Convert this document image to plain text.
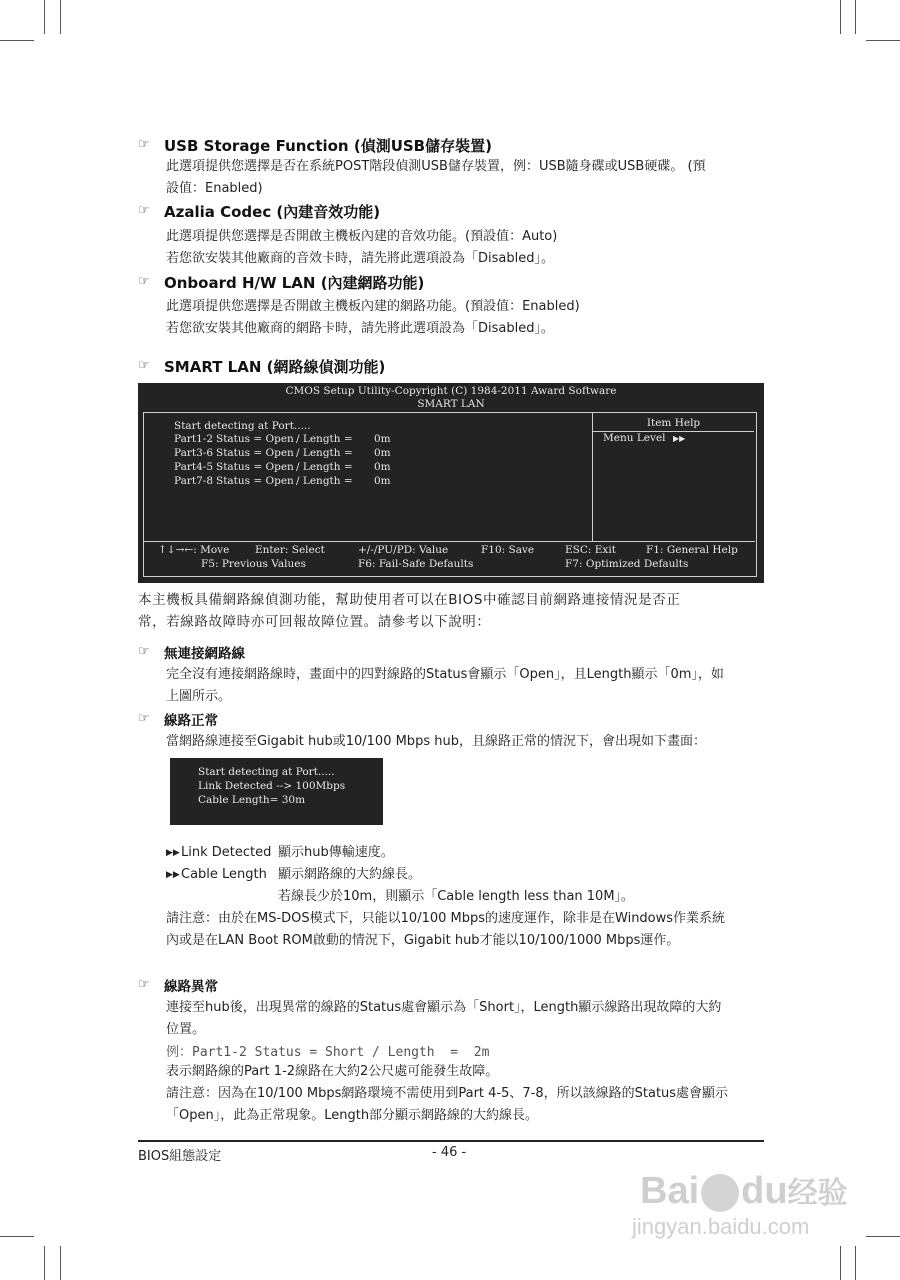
☞ USB Storage Function (偵測USB儲存裝置)
此選項提供您選擇是否在系統POST階段偵測USB儲存裝置，例：USB隨身碟或USB硬碟。 (預
設值：Enabled)
☞ Azalia Codec (內建音效功能)
此選項提供您選擇是否開啟主機板內建的音效功能。(預設值：Auto)
若您欲安裝其他廠商的音效卡時，請先將此選項設為「Disabled」。
☞ Onboard H/W LAN (內建網路功能)
此選項提供您選擇是否開啟主機板內建的網路功能。(預設值：Enabled)
若您欲安裝其他廠商的網路卡時，請先將此選項設為「Disabled」。
☞ SMART LAN (網路線偵測功能)
CMOS Setup Utility-Copyright (C) 1984-2011 Award Software
SMART LAN
Start detecting at Port.....
Part1-2 Status = Open / Length = 0m
Part3-6 Status = Open / Length = 0m
Part4-5 Status = Open / Length = 0m
Part7-8 Status = Open / Length = 0m
Item Help
Menu Level ▶▶
↑↓→←: Move Enter: Select	+/-/PU/PD: Value	F10: Save	ESC: Exit	F1: General Help
F5: Previous Values	F6: Fail-Safe Defaults	F7: Optimized Defaults
本主機板具備網路線偵測功能，幫助使用者可以在BIOS中確認目前網路連接情況是否正
常，若線路故障時亦可回報故障位置。請參考以下說明：
☞ 無連接網路線
完全沒有連接網路線時，畫面中的四對線路的Status會顯示「Open」，且Length顯示「0m」，如
上圖所示。
☞ 線路正常
當網路線連接至Gigabit hub或10/100 Mbps hub，且線路正常的情況下，會出現如下畫面：
Start detecting at Port.....
Link Detected --> 100Mbps
Cable Length= 30m
▶▶ Link Detected 顯示hub傳輸速度。
▶▶ Cable Length 顯示網路線的大約線長。
若線長少於10m，則顯示「Cable length less than 10M」。
請注意：由於在MS-DOS模式下，只能以10/100 Mbps的速度運作，除非是在Windows作業系統
內或是在LAN Boot ROM啟動的情況下，Gigabit hub才能以10/100/1000 Mbps運作。
☞ 線路異常
連接至hub後，出現異常的線路的Status處會顯示為「Short」，Length顯示線路出現故障的大約
位置。
例：Part1-2 Status = Short / Length  =  2m
表示網路線的Part 1-2線路在大約2公尺處可能發生故障。
請注意：因為在10/100 Mbps網路環境不需使用到Part 4-5、7-8，所以該線路的Status處會顯示
「Open」，此為正常現象。Length部分顯示網路線的大約線長。
BIOS組態設定	- 46 -
Bai du经验
jingyan.baidu.com
